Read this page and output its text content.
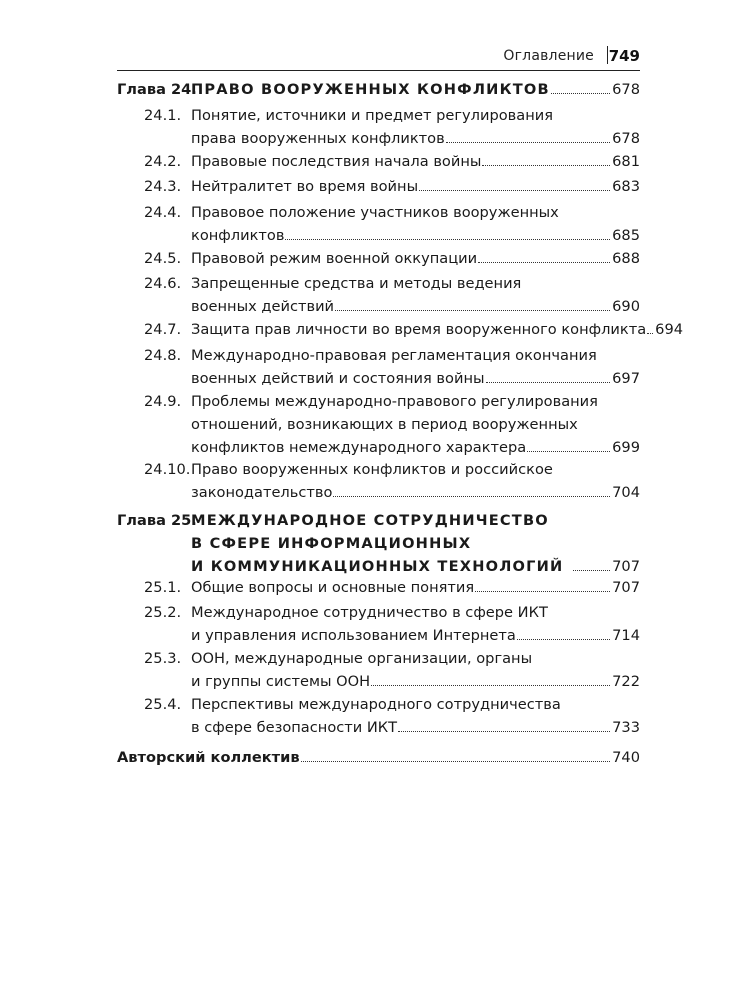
Оглавление 749
Глава 24.
ПРАВО ВООРУЖЕННЫХ КОНФЛИКТОВ	678
24.1. Понятие, источники и предмет регулирования
права вооруженных конфликтов	678
24.2. Правовые последствия начала войны	681
24.3. Нейтралитет во время войны	683
24.4. Правовое положение участников вооруженных
конфликтов	685
24.5. Правовой режим военной оккупации	688
24.6. Запрещенные средства и методы ведения
военных действий	690
24.7. Защита прав личности во время вооруженного конфликта 694
24.8. Международно-правовая регламентация окончания
военных действий и состояния войны	697
24.9. Проблемы международно-правового регулирования
отношений, возникающих в период вооруженных
конфликтов немеждународного характера	699
24.10. Право вооруженных конфликтов и российское
законодательство	704
Глава 25.
МЕЖДУНАРОДНОЕ СОТРУДНИЧЕСТВО
В СФЕРЕ ИНФОРМАЦИОННЫХ
И КОММУНИКАЦИОННЫХ ТЕХНОЛОГИЙ	707
25.1. Общие вопросы и основные понятия	707
25.2. Международное сотрудничество в сфере ИКТ
и управления использованием Интернета	714
25.3. ООН, международные организации, органы
и группы системы ООН	722
25.4. Перспективы международного сотрудничества
в сфере безопасности ИКТ	733
Авторский коллектив	740
